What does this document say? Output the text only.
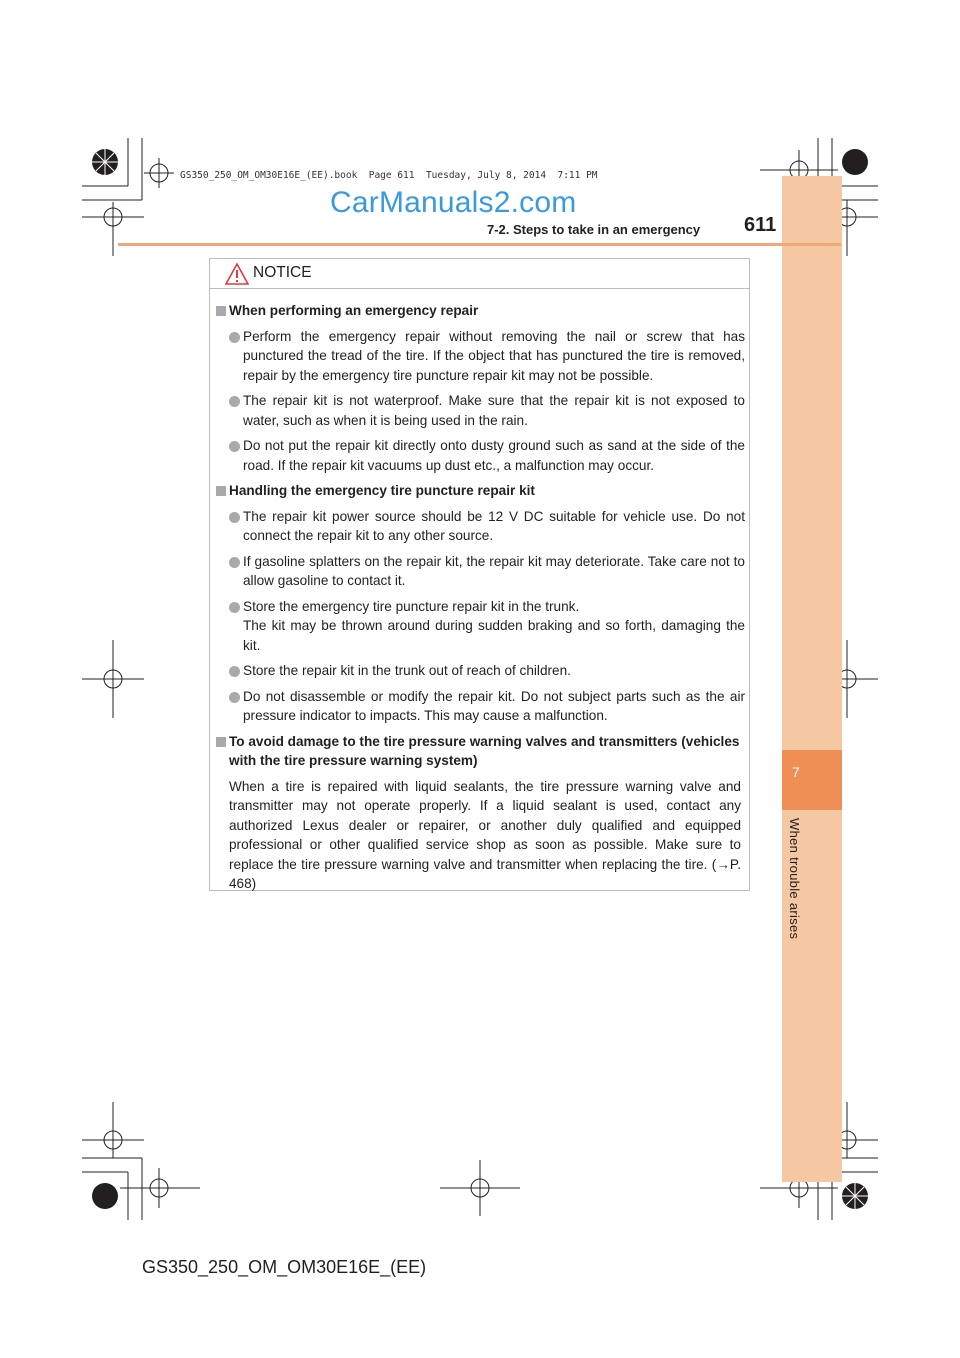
7
When trouble arises
GS350_250_OM_OM30E16E_(EE).book  Page 611  Tuesday, July 8, 2014  7:11 PM
CarManuals2.com
7-2. Steps to take in an emergency 611
NOTICE
When performing an emergency repair
Perform the emergency repair without removing the nail or screw that has punctured the tread of the tire. If the object that has punctured the tire is removed, repair by the emergency tire puncture repair kit may not be possible.
The repair kit is not waterproof. Make sure that the repair kit is not exposed to water, such as when it is being used in the rain.
Do not put the repair kit directly onto dusty ground such as sand at the side of the road. If the repair kit vacuums up dust etc., a malfunction may occur.
Handling the emergency tire puncture repair kit
The repair kit power source should be 12 V DC suitable for vehicle use. Do not connect the repair kit to any other source.
If gasoline splatters on the repair kit, the repair kit may deteriorate. Take care not to allow gasoline to contact it.
Store the emergency tire puncture repair kit in the trunk.
The kit may be thrown around during sudden braking and so forth, damaging the kit.
Store the repair kit in the trunk out of reach of children.
Do not disassemble or modify the repair kit. Do not subject parts such as the air pressure indicator to impacts. This may cause a malfunction.
To avoid damage to the tire pressure warning valves and transmitters (vehicles with the tire pressure warning system)
When a tire is repaired with liquid sealants, the tire pressure warning valve and transmitter may not operate properly. If a liquid sealant is used, contact any authorized Lexus dealer or repairer, or another duly qualified and equipped professional or other qualified service shop as soon as possible. Make sure to replace the tire pressure warning valve and transmitter when replacing the tire. (→P. 468)
GS350_250_OM_OM30E16E_(EE)
